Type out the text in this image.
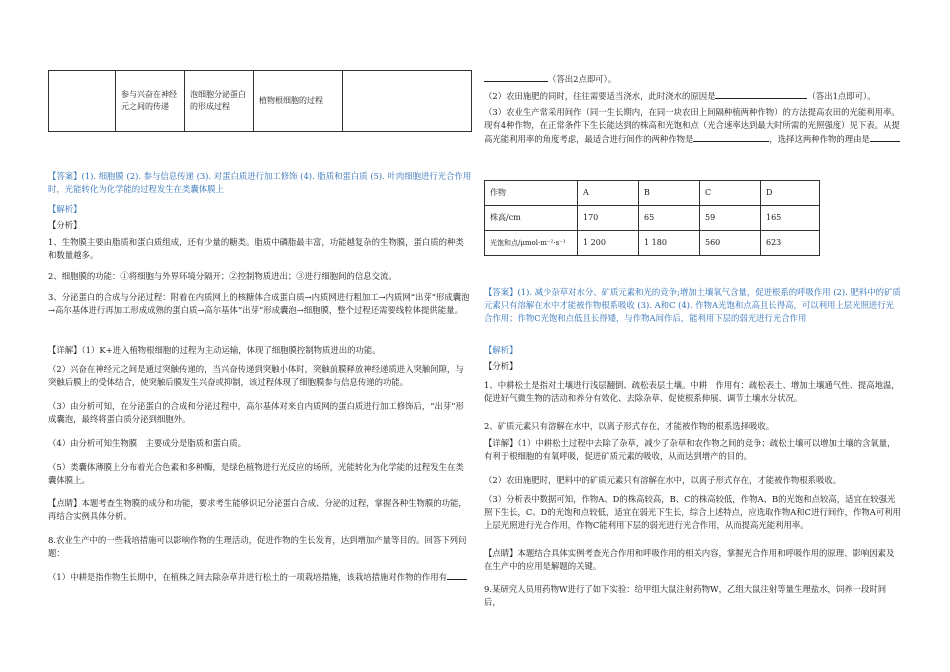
	参与兴奋在神经元之间的传递	泡细胞分泌蛋白的形成过程	植物根细胞的过程	

【答案】(1). 细胞膜 (2). 参与信息传递 (3). 对蛋白质进行加工修饰 (4). 脂质和蛋白质 (5). 叶肉细胞进行光合作用时，光能转化为化学能的过程发生在类囊体膜上

【解析】

【分析】

1、生物膜主要由脂质和蛋白质组成，还有少量的糖类。脂质中磷脂最丰富，功能越复杂的生物膜，蛋白质的种类和数量越多。

2、细胞膜的功能：①将细胞与外界环境分隔开；②控制物质进出；③进行细胞间的信息交流。

3、分泌蛋白的合成与分泌过程：附着在内质网上的核糖体合成蛋白质→内质网进行粗加工→内质网“出芽”形成囊泡→高尔基体进行再加工形成成熟的蛋白质→高尔基体“出芽”形成囊泡→细胞膜，整个过程还需要线粒体提供能量。

【详解】（1）K+进入植物根细胞的过程为主动运输，体现了细胞膜控制物质进出的功能。

（2）兴奋在神经元之间是通过突触传递的，当兴奋传递到突触小体时，突触前膜释放神经递质进入突触间隙，与突触后膜上的受体结合，使突触后膜发生兴奋或抑制，该过程体现了细胞膜参与信息传递的功能。

（3）由分析可知，在分泌蛋白的合成和分泌过程中，高尔基体对来自内质网的蛋白质进行加工修饰后，“出芽”形成囊泡，最终将蛋白质分泌到细胞外。

（4）由分析可知生物膜　主要成分是脂质和蛋白质。

（5）类囊体薄膜上分布着光合色素和多种酶，是绿色植物进行光反应的场所，光能转化为化学能的过程发生在类囊体膜上。

【点睛】本题考查生物膜的成分和功能，要求考生能够识记分泌蛋白合成、分泌的过程，掌握各种生物膜的功能，再结合实例具体分析。

8.农业生产中的一些栽培措施可以影响作物的生理活动，促进作物的生长发育，达到增加产量等目的。回答下列问题：

（1）中耕是指作物生长期中，在植株之间去除杂草并进行松土的一项栽培措施，该栽培措施对作物的作用有

（答出2点即可）。

（2）农田施肥的同时，往往需要适当浇水，此时浇水的原因是	（答出1点即可）。

（3）农业生产常采用间作（同一生长期内，在同一块农田上间隔种植两种作物）的方法提高农田的光能利用率。现有4种作物，在正常条件下生长能达到的株高和光饱和点（光合速率达到最大时所需的光照强度）见下表。从提高光能利用率的角度考虑，最适合进行间作的两种作物是	，选择这两种作物的理由是

作物	A	B	C	D
株高/cm	170	65	59	165
光饱和点/μmol·m⁻²·s⁻¹	1 200	1 180	560	623

【答案】(1). 减少杂草对水分、矿质元素和光的竞争;增加土壤氧气含量，促进根系的呼吸作用 (2). 肥料中的矿质元素只有溶解在水中才能被作物根系吸收 (3). A和C (4). 作物A光饱和点高且长得高，可以利用上层光照进行光合作用；作物C光饱和点低且长得矮，与作物A间作后，能利用下层的弱光进行光合作用

【解析】

【分析】

1、中耕松土是指对土壤进行浅层翻倒、疏松表层土壤。中耕　作用有：疏松表土、增加土壤通气性、提高地温，促进好气微生物的活动和养分有效化、去除杂草、促使根系伸展、调节土壤水分状况。

2、矿质元素只有溶解在水中，以离子形式存在，才能被作物的根系选择吸收。

【详解】（1）中耕松土过程中去除了杂草，减少了杂草和农作物之间的竞争；疏松土壤可以增加土壤的含氧量，有利于根细胞的有氧呼吸，促进矿质元素的吸收，从而达到增产的目的。

（2）农田施肥时，肥料中的矿质元素只有溶解在水中，以离子形式存在，才能被作物根系吸收。

（3）分析表中数据可知，作物A、D的株高较高，B、C的株高较低，作物A、B的光饱和点较高，适宜在较强光照下生长，C、D的光饱和点较低，适宜在弱光下生长，综合上述特点，应选取作物A和C进行间作，作物A可利用上层光照进行光合作用，作物C能利用下层的弱光进行光合作用，从而提高光能利用率。

【点睛】本题结合具体实例考查光合作用和呼吸作用的相关内容，掌握光合作用和呼吸作用的原理、影响因素及在生产中的应用是解题的关键。

9.某研究人员用药物W进行了如下实验：给甲组大鼠注射药物W，乙组大鼠注射等量生理盐水，饲养一段时间后，
